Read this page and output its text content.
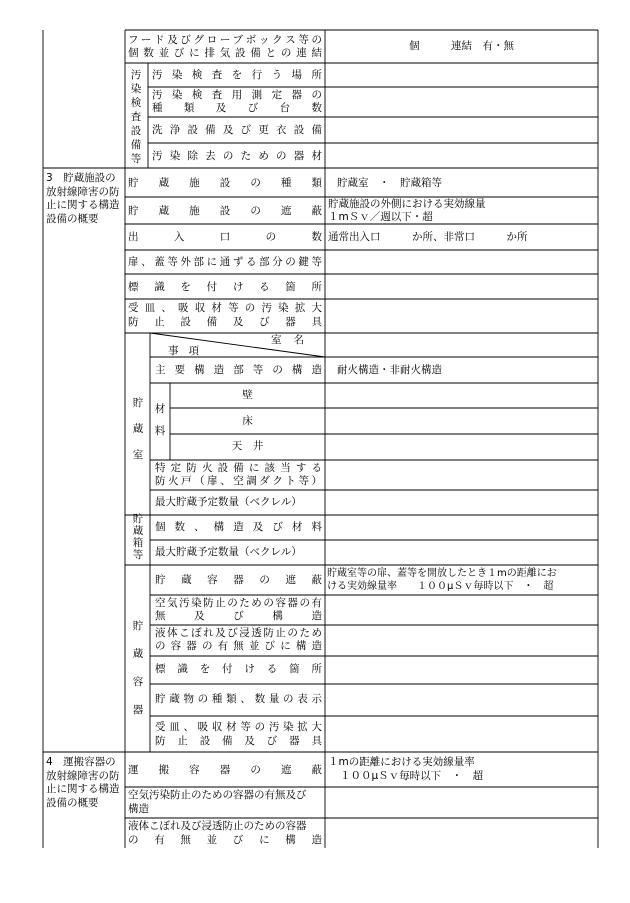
フード及びグローブボックス等の
個数並びに排気設備との連結
個　　　連結　有・無
汚染検査設備等
汚染検査を行う場所
汚染検査用測定器の
種類及び台数
洗浄設備及び更衣設備
汚染除去のための器材
3　貯蔵施設の放射線障害の防止に関する構造設備の概要
貯蔵施設の種類 貯蔵室　・　貯蔵箱等
貯蔵施設の遮蔽
貯蔵施設の外側における実効線量
１mＳｖ／週以下・超
出入口の数 通常出入口　　　か所、非常口　　　か所
扉、蓋等外部に通ずる部分の鍵等
標識を付ける箇所
受皿、吸収材等の汚染拡大
防止設備及び器具
貯蔵室
室名
事項
主要構造部等の構造 耐火構造・非耐火構造
材料
壁
床
天　井
特定防火設備に該当する
防火戸（扉、空調ダクト等）
最大貯蔵予定数量（ベクレル）
貯蔵箱等
個数、構造及び材料
最大貯蔵予定数量（ベクレル）
貯蔵容器
貯蔵容器の遮蔽
貯蔵室等の扉、蓋等を開放したとき１mの距離にお
ける実効線量率　　１００μＳｖ毎時以下　・　超
空気汚染防止のための容器の有
無及び構造
液体こぼれ及び浸透防止のため
の容器の有無並びに構造
標識を付ける箇所
貯蔵物の種類、数量の表示
受皿、吸収材等の汚染拡大
防止設備及び器具
4　運搬容器の放射線障害の防止に関する構造設備の概要
運搬容器の遮蔽
１mの距離における実効線量率
１００μＳｖ毎時以下　・　超
空気汚染防止のための容器の有無及び
構造
液体こぼれ及び浸透防止のための容器
の有無並びに構造
